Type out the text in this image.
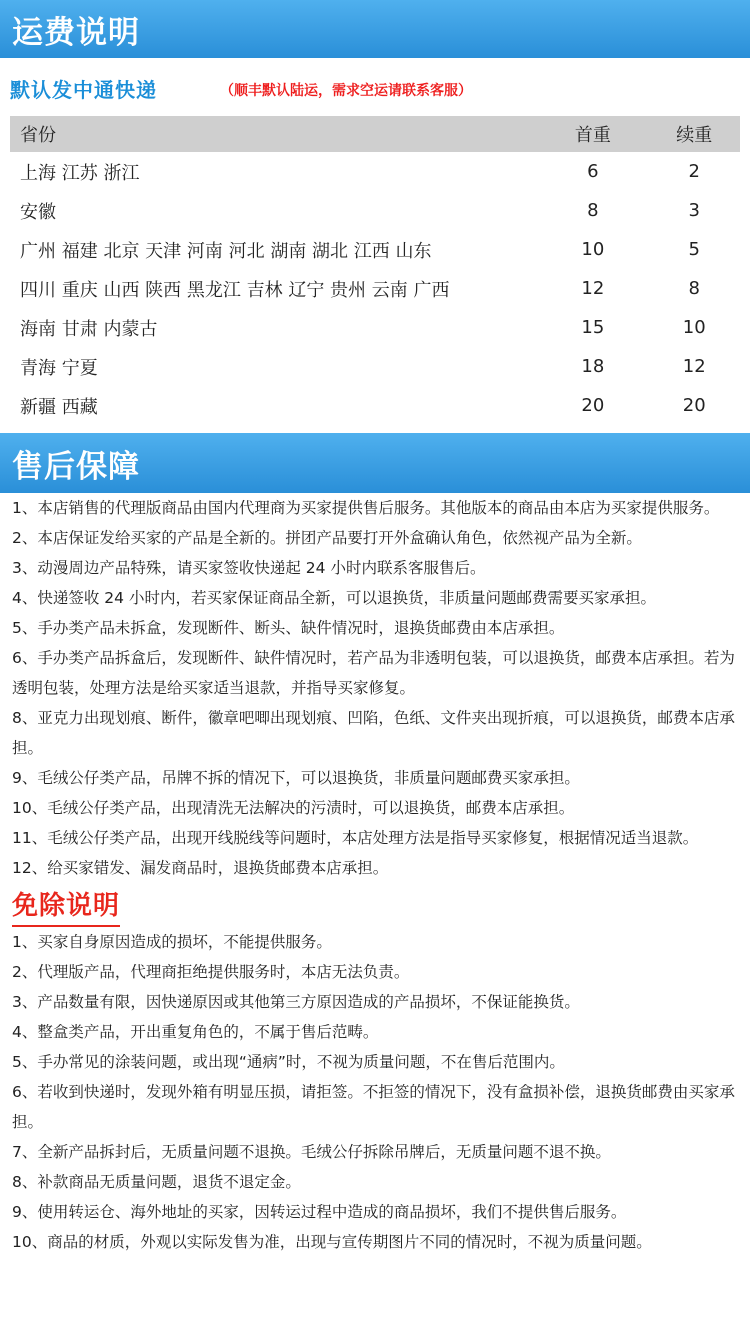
运费说明
默认发中通快递	（顺丰默认陆运，需求空运请联系客服）
省份	首重	续重
上海 江苏 浙江	6	2
安徽	8	3
广州 福建 北京 天津 河南 河北 湖南 湖北 江西 山东	10	5
四川 重庆 山西 陕西 黑龙江 吉林 辽宁 贵州 云南 广西	12	8
海南 甘肃 内蒙古	15	10
青海 宁夏	18	12
新疆 西藏	20	20
售后保障
1、本店销售的代理版商品由国内代理商为买家提供售后服务。其他版本的商品由本店为买家提供服务。
2、本店保证发给买家的产品是全新的。拼团产品要打开外盒确认角色，依然视产品为全新。
3、动漫周边产品特殊，请买家签收快递起 24 小时内联系客服售后。
4、快递签收 24 小时内，若买家保证商品全新，可以退换货，非质量问题邮费需要买家承担。
5、手办类产品未拆盒，发现断件、断头、缺件情况时，退换货邮费由本店承担。
6、手办类产品拆盒后，发现断件、缺件情况时，若产品为非透明包装，可以退换货，邮费本店承担。若为透明包装，处理方法是给买家适当退款，并指导买家修复。
8、亚克力出现划痕、断件，徽章吧唧出现划痕、凹陷，色纸、文件夹出现折痕，可以退换货，邮费本店承担。
9、毛绒公仔类产品，吊牌不拆的情况下，可以退换货，非质量问题邮费买家承担。
10、毛绒公仔类产品，出现清洗无法解决的污渍时，可以退换货，邮费本店承担。
11、毛绒公仔类产品，出现开线脱线等问题时，本店处理方法是指导买家修复，根据情况适当退款。
12、给买家错发、漏发商品时，退换货邮费本店承担。
免除说明
1、买家自身原因造成的损坏，不能提供服务。
2、代理版产品，代理商拒绝提供服务时，本店无法负责。
3、产品数量有限，因快递原因或其他第三方原因造成的产品损坏，不保证能换货。
4、整盒类产品，开出重复角色的，不属于售后范畴。
5、手办常见的涂装问题，或出现“通病”时，不视为质量问题，不在售后范围内。
6、若收到快递时，发现外箱有明显压损，请拒签。不拒签的情况下，没有盒损补偿，退换货邮费由买家承担。
7、全新产品拆封后，无质量问题不退换。毛绒公仔拆除吊牌后，无质量问题不退不换。
8、补款商品无质量问题，退货不退定金。
9、使用转运仓、海外地址的买家，因转运过程中造成的商品损坏，我们不提供售后服务。
10、商品的材质，外观以实际发售为准，出现与宣传期图片不同的情况时，不视为质量问题。
